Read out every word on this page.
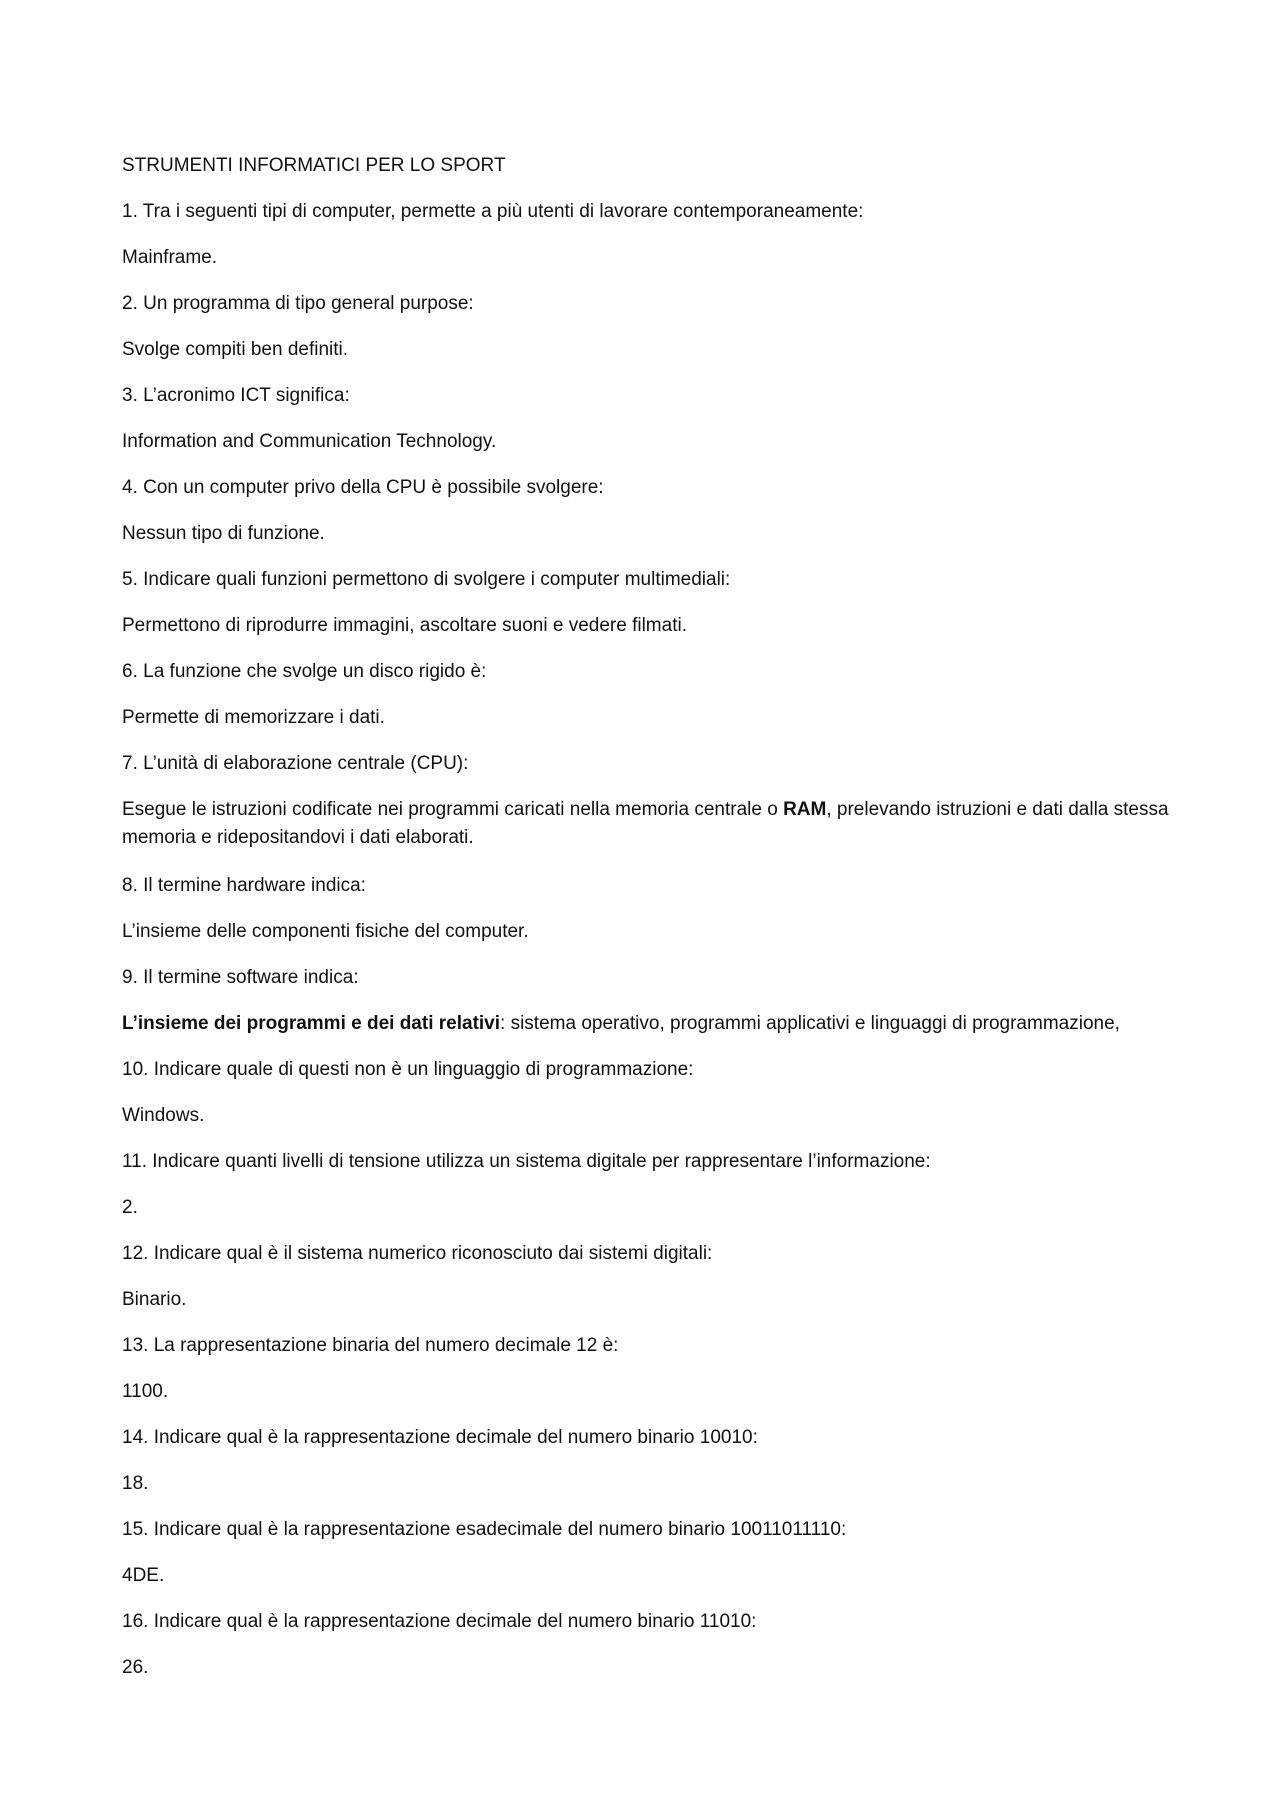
STRUMENTI INFORMATICI PER LO SPORT

1. Tra i seguenti tipi di computer, permette a più utenti di lavorare contemporaneamente:

Mainframe.

2. Un programma di tipo general purpose:

Svolge compiti ben definiti.

3. L’acronimo ICT significa:

Information and Communication Technology.

4. Con un computer privo della CPU è possibile svolgere:

Nessun tipo di funzione.

5. Indicare quali funzioni permettono di svolgere i computer multimediali:

Permettono di riprodurre immagini, ascoltare suoni e vedere filmati.

6. La funzione che svolge un disco rigido è:

Permette di memorizzare i dati.

7. L’unità di elaborazione centrale (CPU):

Esegue le istruzioni codificate nei programmi caricati nella memoria centrale o RAM, prelevando istruzioni e dati dalla stessa memoria e ridepositandovi i dati elaborati.

8. Il termine hardware indica:

L’insieme delle componenti fisiche del computer.

9. Il termine software indica:

L’insieme dei programmi e dei dati relativi: sistema operativo, programmi applicativi e linguaggi di programmazione,

10. Indicare quale di questi non è un linguaggio di programmazione:

Windows.

11. Indicare quanti livelli di tensione utilizza un sistema digitale per rappresentare l’informazione:

2.

12. Indicare qual è il sistema numerico riconosciuto dai sistemi digitali:

Binario.

13. La rappresentazione binaria del numero decimale 12 è:

1100.

14. Indicare qual è la rappresentazione decimale del numero binario 10010:

18.

15. Indicare qual è la rappresentazione esadecimale del numero binario 10011011110:

4DE.

16. Indicare qual è la rappresentazione decimale del numero binario 11010:

26.
